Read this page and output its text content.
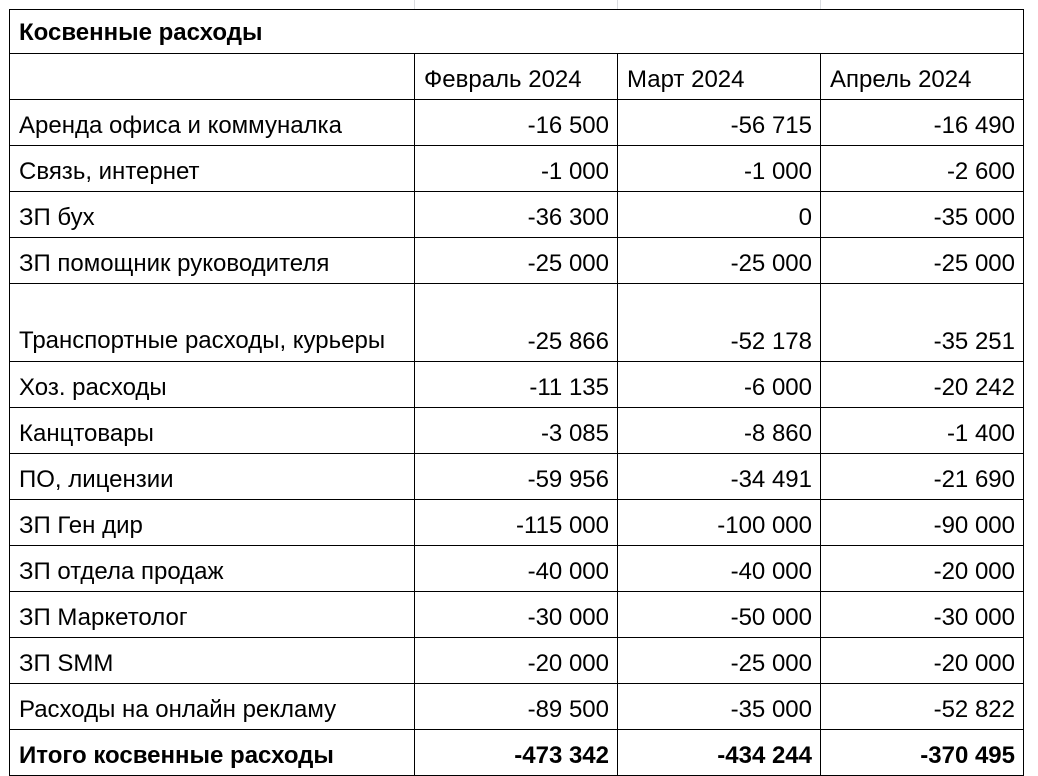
Косвенные расходы			
	Февраль 2024	Март 2024	Апрель 2024
Аренда офиса и коммуналка	-16 500	-56 715	-16 490
Связь, интернет	-1 000	-1 000	-2 600
ЗП бух	-36 300	0	-35 000
ЗП помощник руководителя	-25 000	-25 000	-25 000
Транспортные расходы, курьеры	-25 866	-52 178	-35 251
Хоз. расходы	-11 135	-6 000	-20 242
Канцтовары	-3 085	-8 860	-1 400
ПО, лицензии	-59 956	-34 491	-21 690
ЗП Ген дир	-115 000	-100 000	-90 000
ЗП отдела продаж	-40 000	-40 000	-20 000
ЗП Маркетолог	-30 000	-50 000	-30 000
ЗП SMM	-20 000	-25 000	-20 000
Расходы на онлайн рекламу	-89 500	-35 000	-52 822
Итого косвенные расходы	-473 342	-434 244	-370 495
